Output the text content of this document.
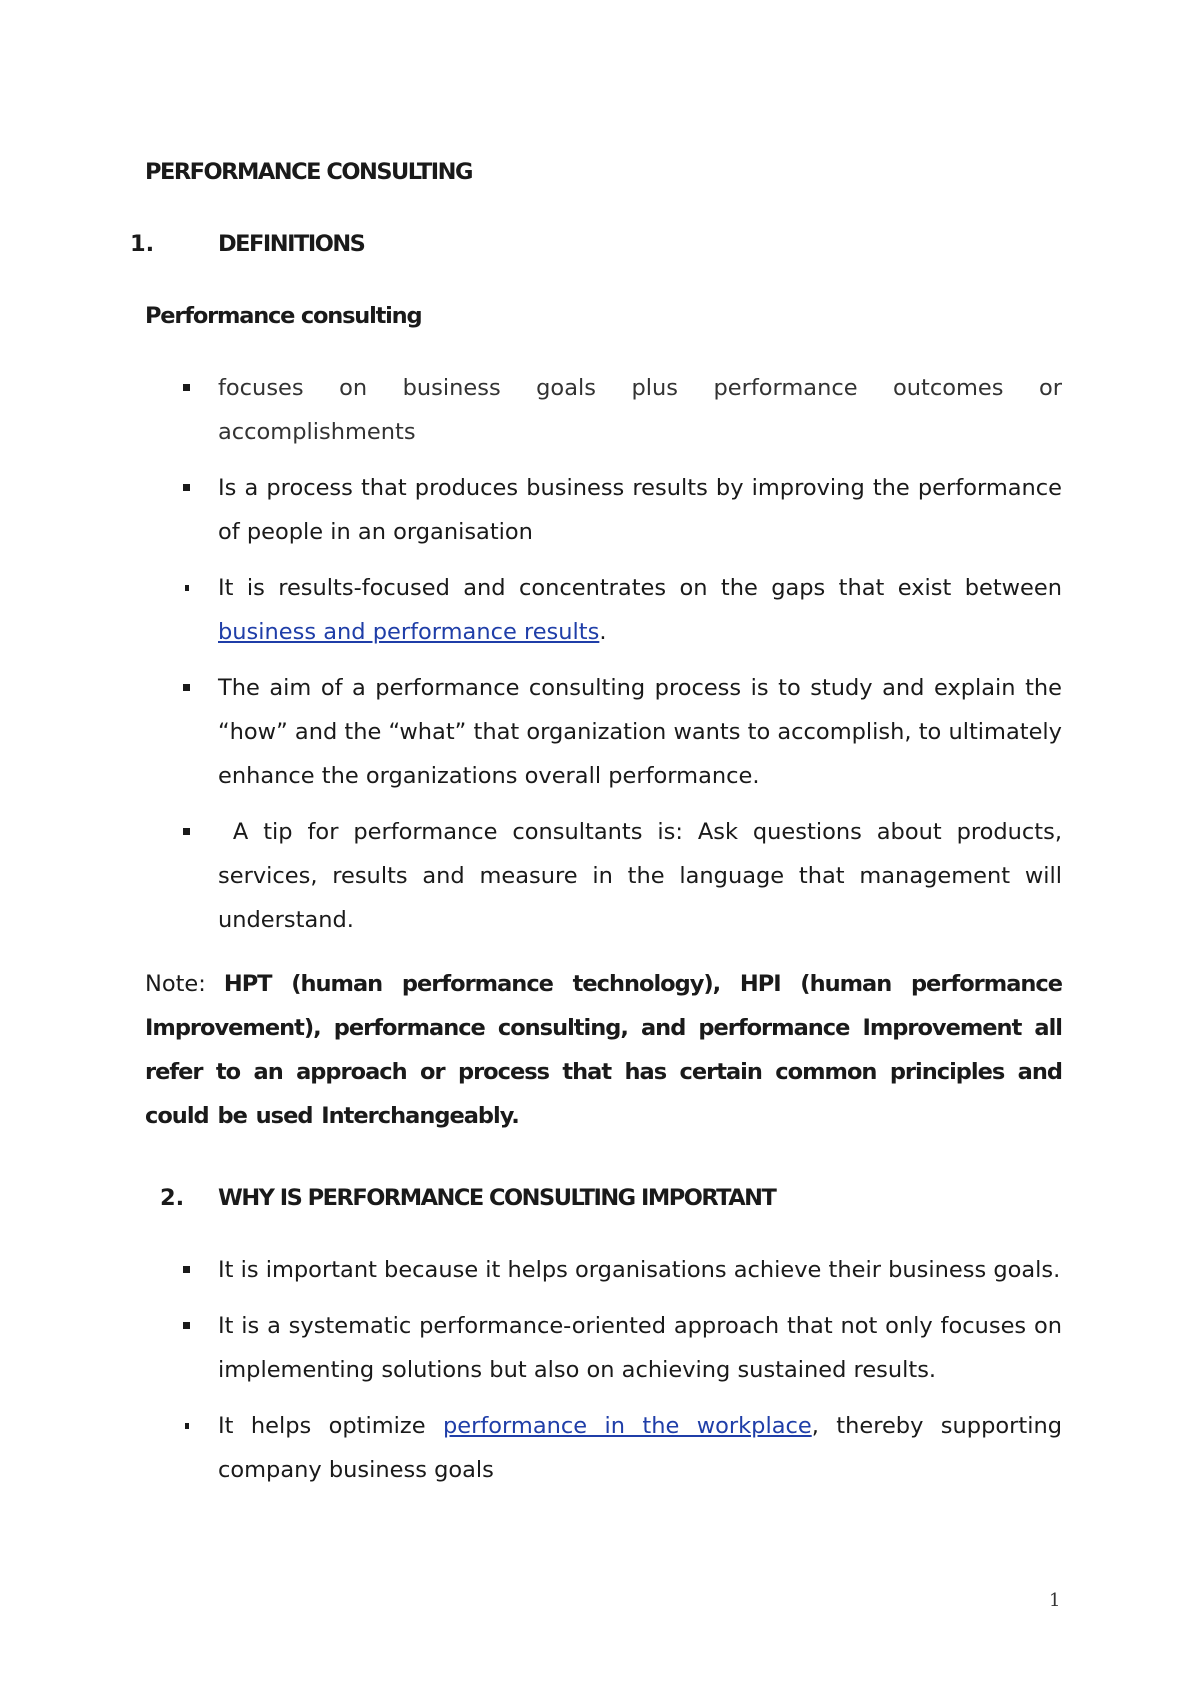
PERFORMANCE CONSULTING
1.	DEFINITIONS
Performance consulting
focuses on business goals plus performance outcomes or accomplishments
Is a process that produces business results by improving the performance of people in an organisation
It is results-focused and concentrates on the gaps that exist between business and performance results.
The aim of a performance consulting process is to study and explain the “how” and the “what” that organization wants to accomplish, to ultimately enhance the organizations overall performance.
A tip for performance consultants is: Ask questions about products, services, results and measure in the language that management will understand.
Note: HPT (human performance technology), HPI (human performance Improvement), performance consulting, and performance Improvement all refer to an approach or process that has certain common principles and could be used Interchangeably.
2.	WHY IS PERFORMANCE CONSULTING IMPORTANT
It is important because it helps organisations achieve their business goals.
It is a systematic performance-oriented approach that not only focuses on implementing solutions but also on achieving sustained results.
It helps optimize performance in the workplace, thereby supporting company business goals
1
